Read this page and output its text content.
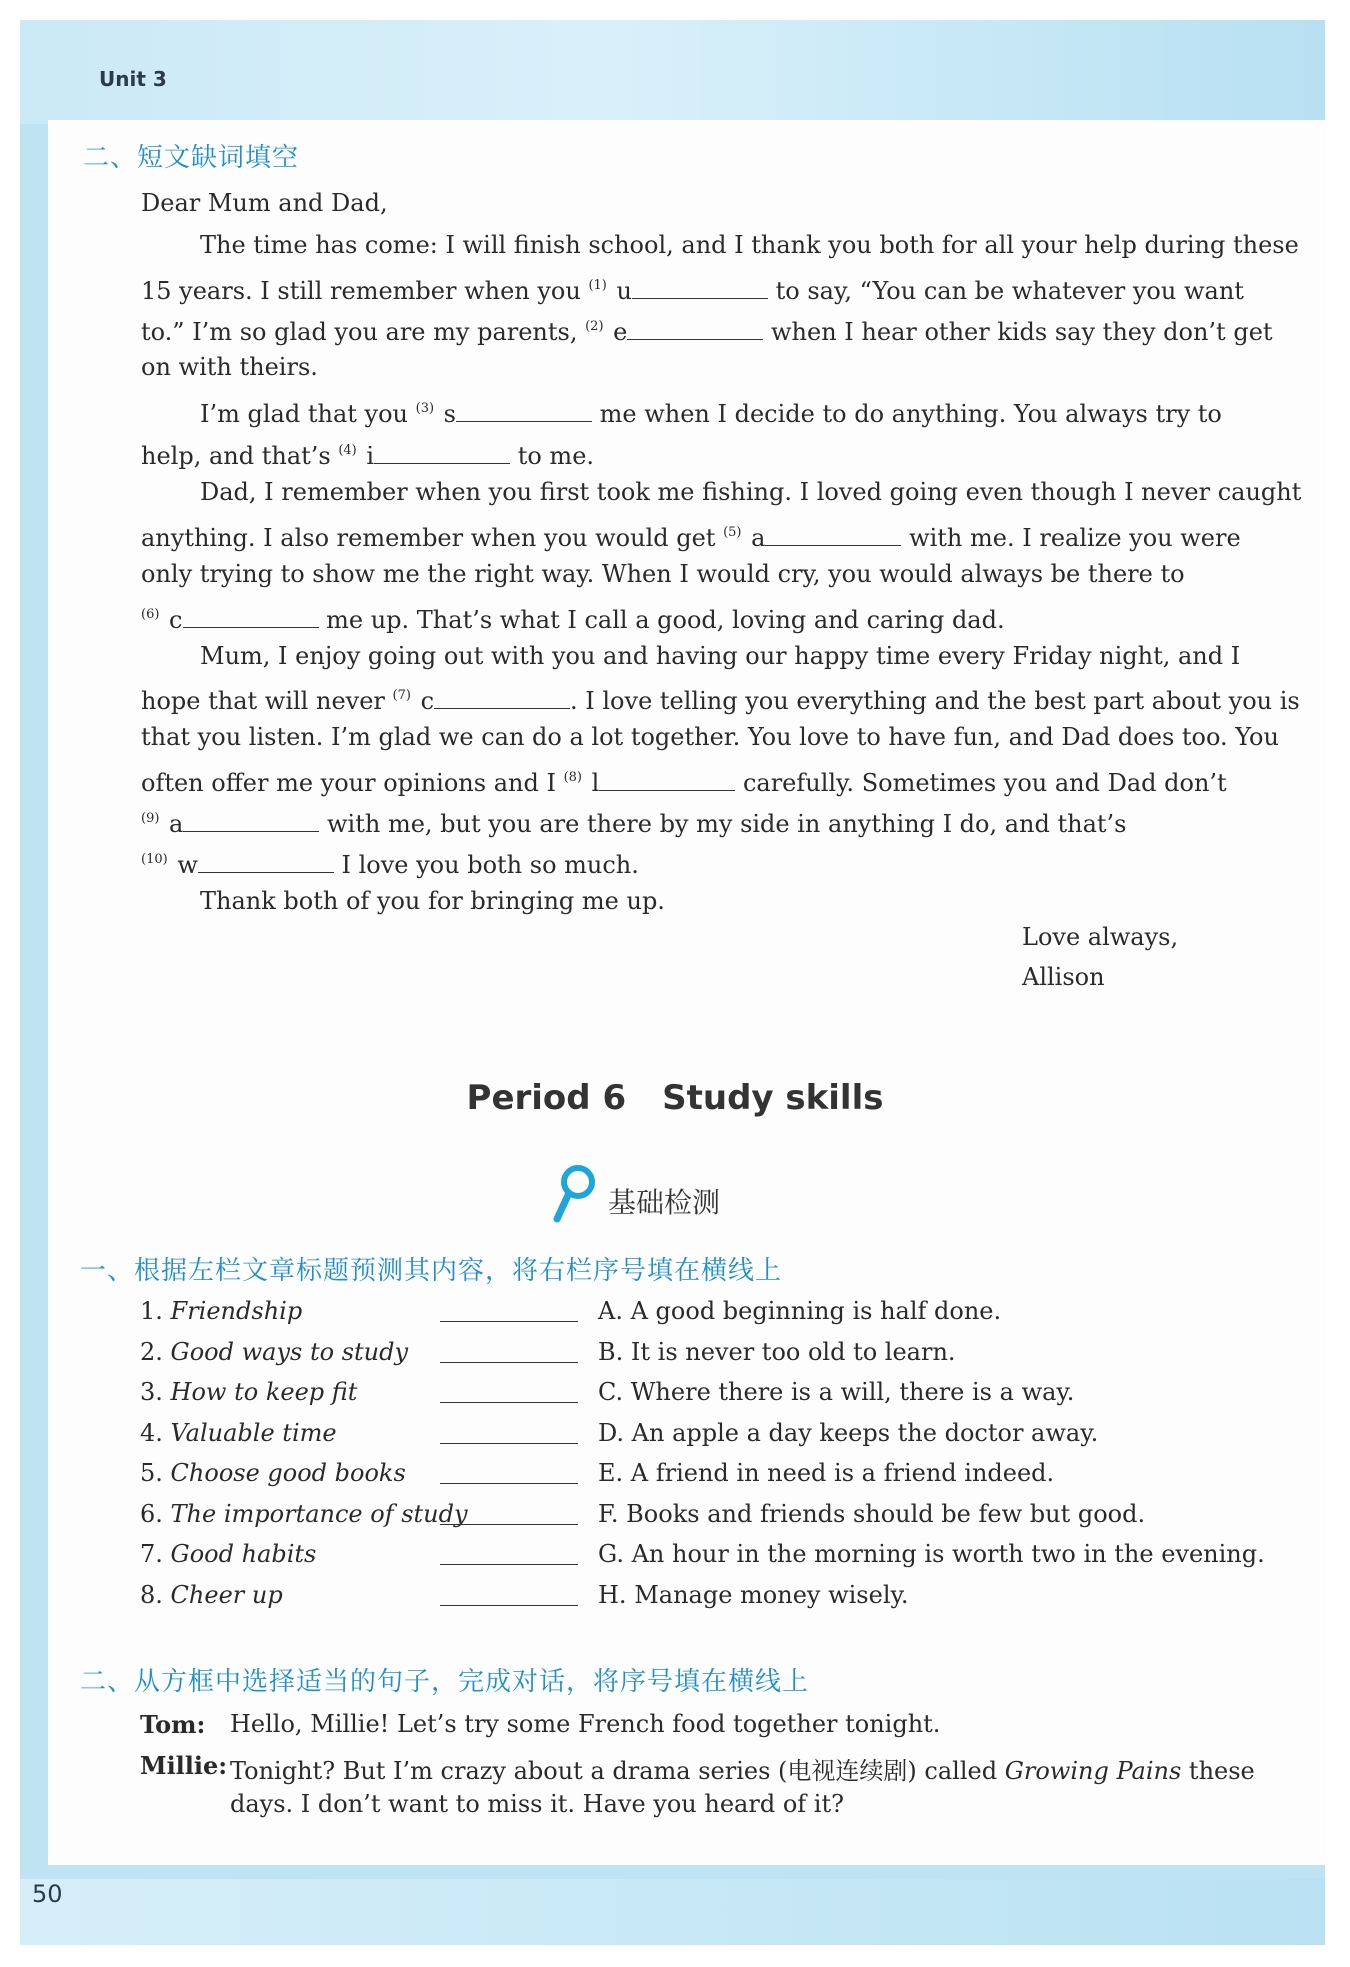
Unit 3
50
二、短文缺词填空
Dear Mum and Dad,
The time has come: I will finish school, and I thank you both for all your help during these
15 years. I still remember when you $^{(1)}$ u	to say, “You can be whatever you want
to.” I’m so glad you are my parents, $^{(2)}$ e	when I hear other kids say they don’t get
on with theirs.
I’m glad that you $^{(3)}$ s	me when I decide to do anything. You always try to
help, and that’s $^{(4)}$ i	to me.
Dad, I remember when you first took me fishing. I loved going even though I never caught
anything. I also remember when you would get $^{(5)}$ a	with me. I realize you were
only trying to show me the right way. When I would cry, you would always be there to
$^{(6)}$ c	me up. That’s what I call a good, loving and caring dad.
Mum, I enjoy going out with you and having our happy time every Friday night, and I
hope that will never $^{(7)}$ c	. I love telling you everything and the best part about you is
that you listen. I’m glad we can do a lot together. You love to have fun, and Dad does too. You
often offer me your opinions and I $^{(8)}$ l	carefully. Sometimes you and Dad don’t
$^{(9)}$ a	with me, but you are there by my side in anything I do, and that’s
$^{(10)}$ w	I love you both so much.
Thank both of you for bringing me up.
Love always,
Allison
Period 6 Study skills
基础检测
一、根据左栏文章标题预测其内容，将右栏序号填在横线上
1. Friendship	A. A good beginning is half done.
2. Good ways to study	B. It is never too old to learn.
3. How to keep fit	C. Where there is a will, there is a way.
4. Valuable time	D. An apple a day keeps the doctor away.
5. Choose good books	E. A friend in need is a friend indeed.
6. The importance of study	F. Books and friends should be few but good.
7. Good habits	G. An hour in the morning is worth two in the evening.
8. Cheer up	H. Manage money wisely.
二、从方框中选择适当的句子，完成对话，将序号填在横线上
Tom: Hello, Millie! Let’s try some French food together tonight.
Millie: Tonight? But I’m crazy about a drama series (电视连续剧) called Growing Pains these
days. I don’t want to miss it. Have you heard of it?
